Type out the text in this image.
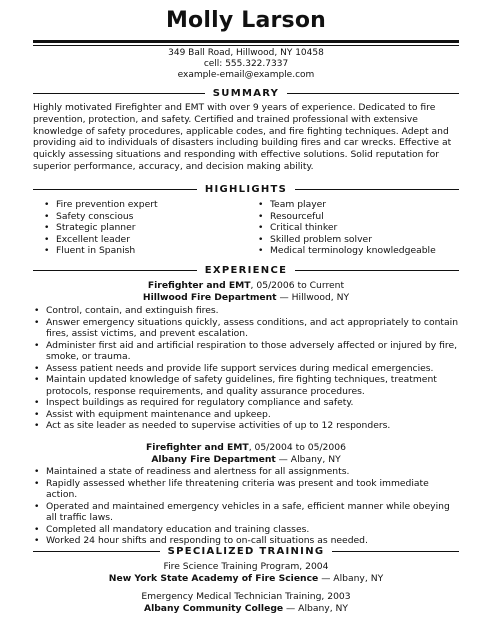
Molly Larson
349 Ball Road, Hillwood, NY 10458
cell: 555.322.7337
example-email@example.com
SUMMARY
Highly motivated Firefighter and EMT with over 9 years of experience. Dedicated to fire prevention, protection, and safety. Certified and trained professional with extensive knowledge of safety procedures, applicable codes, and fire fighting techniques. Adept and providing aid to individuals of disasters including building fires and car wrecks. Effective at quickly assessing situations and responding with effective solutions. Solid reputation for superior performance, accuracy, and decision making ability.
HIGHLIGHTS
• Fire prevention expert
• Safety conscious
• Strategic planner
• Excellent leader
• Fluent in Spanish
• Team player
• Resourceful
• Critical thinker
• Skilled problem solver
• Medical terminology knowledgeable
EXPERIENCE
Firefighter and EMT, 05/2006 to Current
Hillwood Fire Department — Hillwood, NY
• Control, contain, and extinguish fires.
• Answer emergency situations quickly, assess conditions, and act appropriately to contain fires, assist victims, and prevent escalation.
• Administer first aid and artificial respiration to those adversely affected or injured by fire, smoke, or trauma.
• Assess patient needs and provide life support services during medical emergencies.
• Maintain updated knowledge of safety guidelines, fire fighting techniques, treatment protocols, response requirements, and quality assurance procedures.
• Inspect buildings as required for regulatory compliance and safety.
• Assist with equipment maintenance and upkeep.
• Act as site leader as needed to supervise activities of up to 12 responders.
Firefighter and EMT, 05/2004 to 05/2006
Albany Fire Department — Albany, NY
• Maintained a state of readiness and alertness for all assignments.
• Rapidly assessed whether life threatening criteria was present and took immediate action.
• Operated and maintained emergency vehicles in a safe, efficient manner while obeying all traffic laws.
• Completed all mandatory education and training classes.
• Worked 24 hour shifts and responding to on-call situations as needed.
SPECIALIZED TRAINING
Fire Science Training Program, 2004
New York State Academy of Fire Science — Albany, NY
Emergency Medical Technician Training, 2003
Albany Community College — Albany, NY
